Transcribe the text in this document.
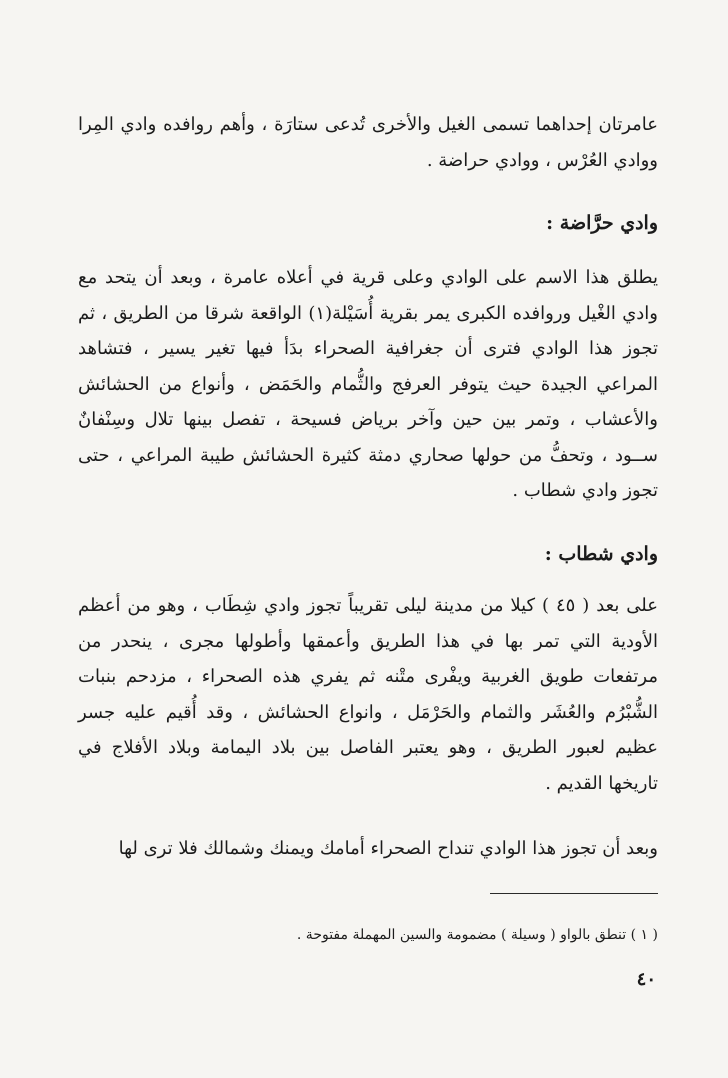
عامرتان إحداهما تسمى الغيل والأخرى تُدعى ستارَة ، وأهم روافده وادي المِرا ووادي العُرْس ، ووادي حراضة .

وادي حرَّاضة :

يطلق هذا الاسم على الوادي وعلى قرية في أعلاه عامرة ، وبعد أن يتحد مع وادي الغْيل وروافده الكبرى يمر بقرية أُسَيْلة(١) الواقعة شرقا من الطريق ، ثم تجوز هذا الوادي فترى أن جغرافية الصحراء بدَأ فيها تغير يسير ، فتشاهد المراعي الجيدة حيث يتوفر العرفج والثُّمام والحَمَض ، وأنواع من الحشائش والأعشاب ، وتمر بين حين وآخر برياض فسيحة ، تفصل بينها تلال وسِنْفانٌ ســود ، وتحفُّ من حولها صحاري دمثة كثيرة الحشائش طيبة المراعي ، حتى تجوز وادي شطاب .

وادي شطاب :

على بعد ( ٤٥ ) كيلا من مدينة ليلى تقريباً تجوز وادي شِطَاب ، وهو من أعظم الأودية التي تمر بها في هذا الطريق وأعمقها وأطولها مجرى ، ينحدر من مرتفعات طويق الغربية ويفْرى متْنه ثم يفري هذه الصحراء ، مزدحم بنبات الشُّبْرُم والعُشَر والثمام والحَرْمَل ، وانواع الحشائش ، وقد أُقيم عليه جسر عظيم لعبور الطريق ، وهو يعتبر الفاصل بين بلاد اليمامة وبلاد الأفلاج في تاريخها القديم .

وبعد أن تجوز هذا الوادي تنداح الصحراء أمامك ويمنك وشمالك فلا ترى لها

( ١ ) تنطق بالواو ( وسيلة ) مضمومة والسين المهملة مفتوحة .

٤٠
